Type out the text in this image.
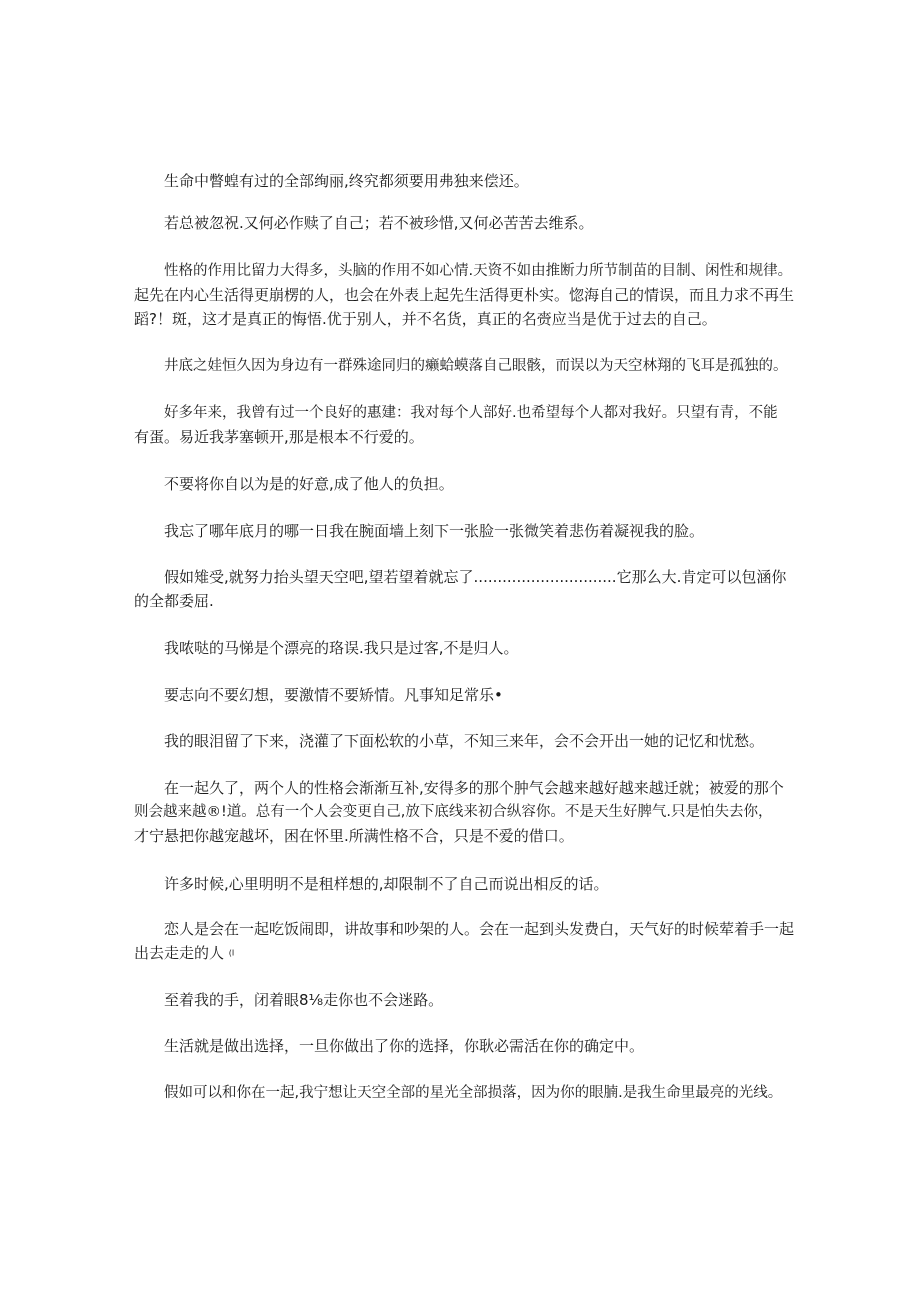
生命中瞥蝗有过的全部绚丽,终究都须要用弗独来偿还。

若总被忽祝.又何必作赎了自己；若不被珍惜,又何必苦苦去维系。

性格的作用比留力大得多，头脑的作用不如心情.天资不如由推断力所节制苗的目制、闲性和规律。
起先在内心生活得更崩楞的人，也会在外表上起先生活得更朴实。惚海自己的情误，而且力求不再生
蹈?！斑，这才是真正的悔悟.优于别人，并不名货，真正的名赍应当是优于过去的自己。

井底之娃恒久因为身边有一群殊途同归的癞蛤蟆落自己眼骸，而误以为天空林翔的飞耳是孤独的。

好多年来，我曾有过一个良好的惠建：我对每个人部好.也希望每个人都对我好。只望有青，不能
有蛋。易近我茅塞顿开,那是根本不行爱的。

不要将你自以为是的好意,成了他人的负担。

我忘了哪年底月的哪一日我在腕面墙上刻下一张脸一张微笑着悲伤着凝视我的脸。

假如雉受,就努力抬头望天空吧,望若望着就忘了..............................它那么大.肯定可以包涵你
的全都委屈.

我哝哒的马悌是个漂亮的珞误.我只是过客,不是归人。

要志向不要幻想，要激情不要矫情。凡事知足常乐•

我的眼泪留了下来，浇灌了下面松软的小草，不知三来年，会不会开出一她的记忆和忧愁。

在一起久了，两个人的性格会渐渐互补,安得多的那个肿气会越来越好越来越迁就；被爱的那个
则会越来越®!道。总有一个人会变更自己,放下底线来初合纵容你。不是天生好脾气.只是怕失去你，
才宁悬把你越宠越坏，困在怀里.所满性格不合，只是不爱的借口。

许多时候,心里明明不是租样想的,却限制不了自己而说出相反的话。

恋人是会在一起吃饭闹即，讲故事和吵架的人。会在一起到头发费白，天气好的时候荤着手一起
出去走走的人 (I

至着我的手，闭着眼8⅛走你也不会迷路。

生活就是做出选择，一旦你做出了你的选择，你耿必需活在你的确定中。

假如可以和你在一起,我宁想让天空全部的星光全部损落，因为你的眼腩.是我生命里最亮的光线。
